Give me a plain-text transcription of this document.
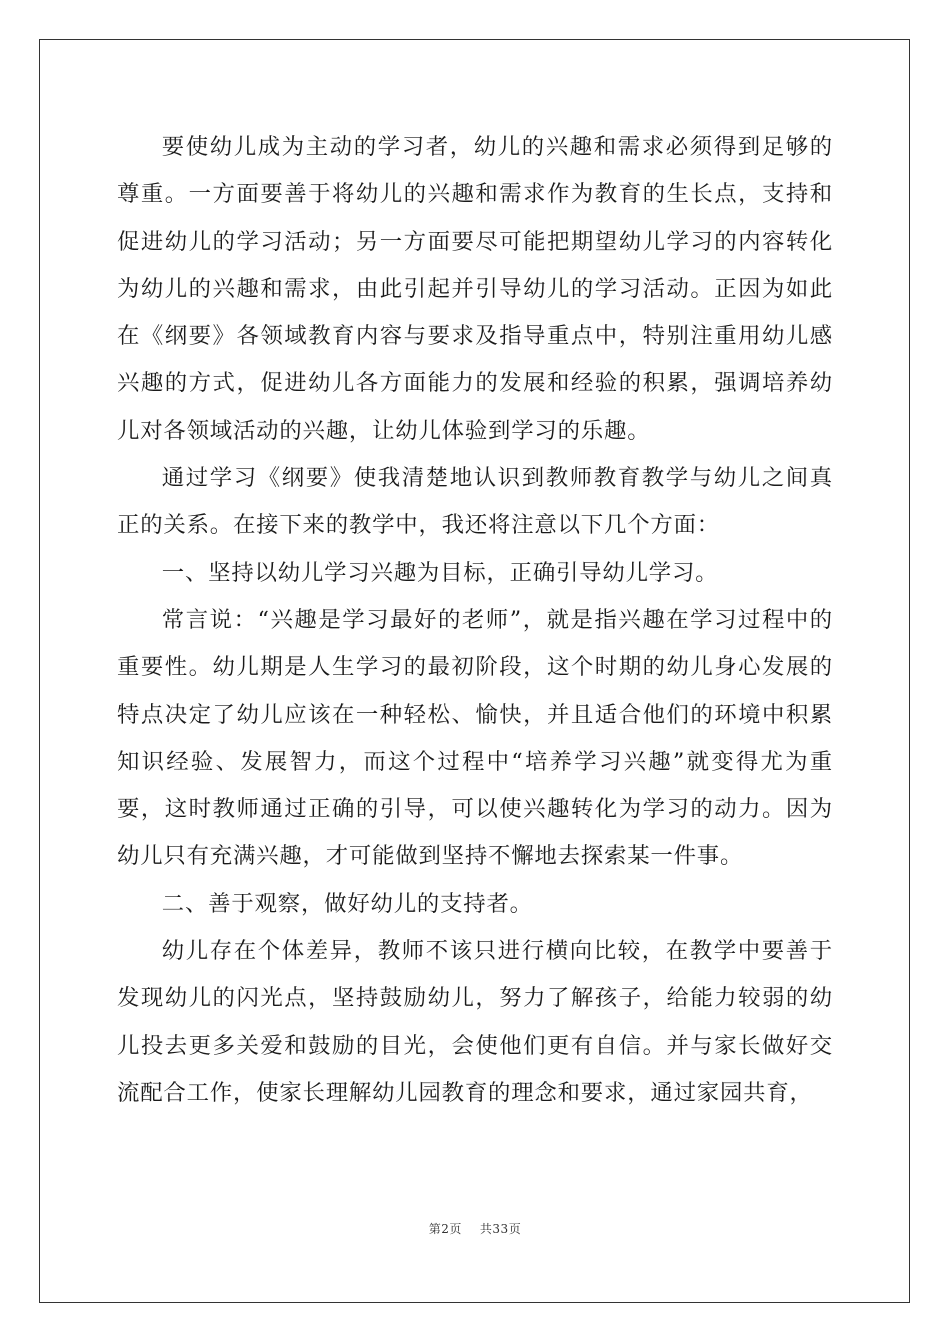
要使幼儿成为主动的学习者，幼儿的兴趣和需求必须得到足够的尊重。一方面要善于将幼儿的兴趣和需求作为教育的生长点，支持和促进幼儿的学习活动；另一方面要尽可能把期望幼儿学习的内容转化为幼儿的兴趣和需求，由此引起并引导幼儿的学习活动。正因为如此在《纲要》各领域教育内容与要求及指导重点中，特别注重用幼儿感兴趣的方式，促进幼儿各方面能力的发展和经验的积累，强调培养幼儿对各领域活动的兴趣，让幼儿体验到学习的乐趣。

通过学习《纲要》使我清楚地认识到教师教育教学与幼儿之间真正的关系。在接下来的教学中，我还将注意以下几个方面：

一、坚持以幼儿学习兴趣为目标，正确引导幼儿学习。

常言说：“兴趣是学习最好的老师”，就是指兴趣在学习过程中的重要性。幼儿期是人生学习的最初阶段，这个时期的幼儿身心发展的特点决定了幼儿应该在一种轻松、愉快，并且适合他们的环境中积累知识经验、发展智力，而这个过程中“培养学习兴趣”就变得尤为重要，这时教师通过正确的引导，可以使兴趣转化为学习的动力。因为幼儿只有充满兴趣，才可能做到坚持不懈地去探索某一件事。

二、善于观察，做好幼儿的支持者。

幼儿存在个体差异，教师不该只进行横向比较，在教学中要善于发现幼儿的闪光点，坚持鼓励幼儿，努力了解孩子，给能力较弱的幼儿投去更多关爱和鼓励的目光，会使他们更有自信。并与家长做好交流配合工作，使家长理解幼儿园教育的理念和要求，通过家园共育，

第2页 共33页
